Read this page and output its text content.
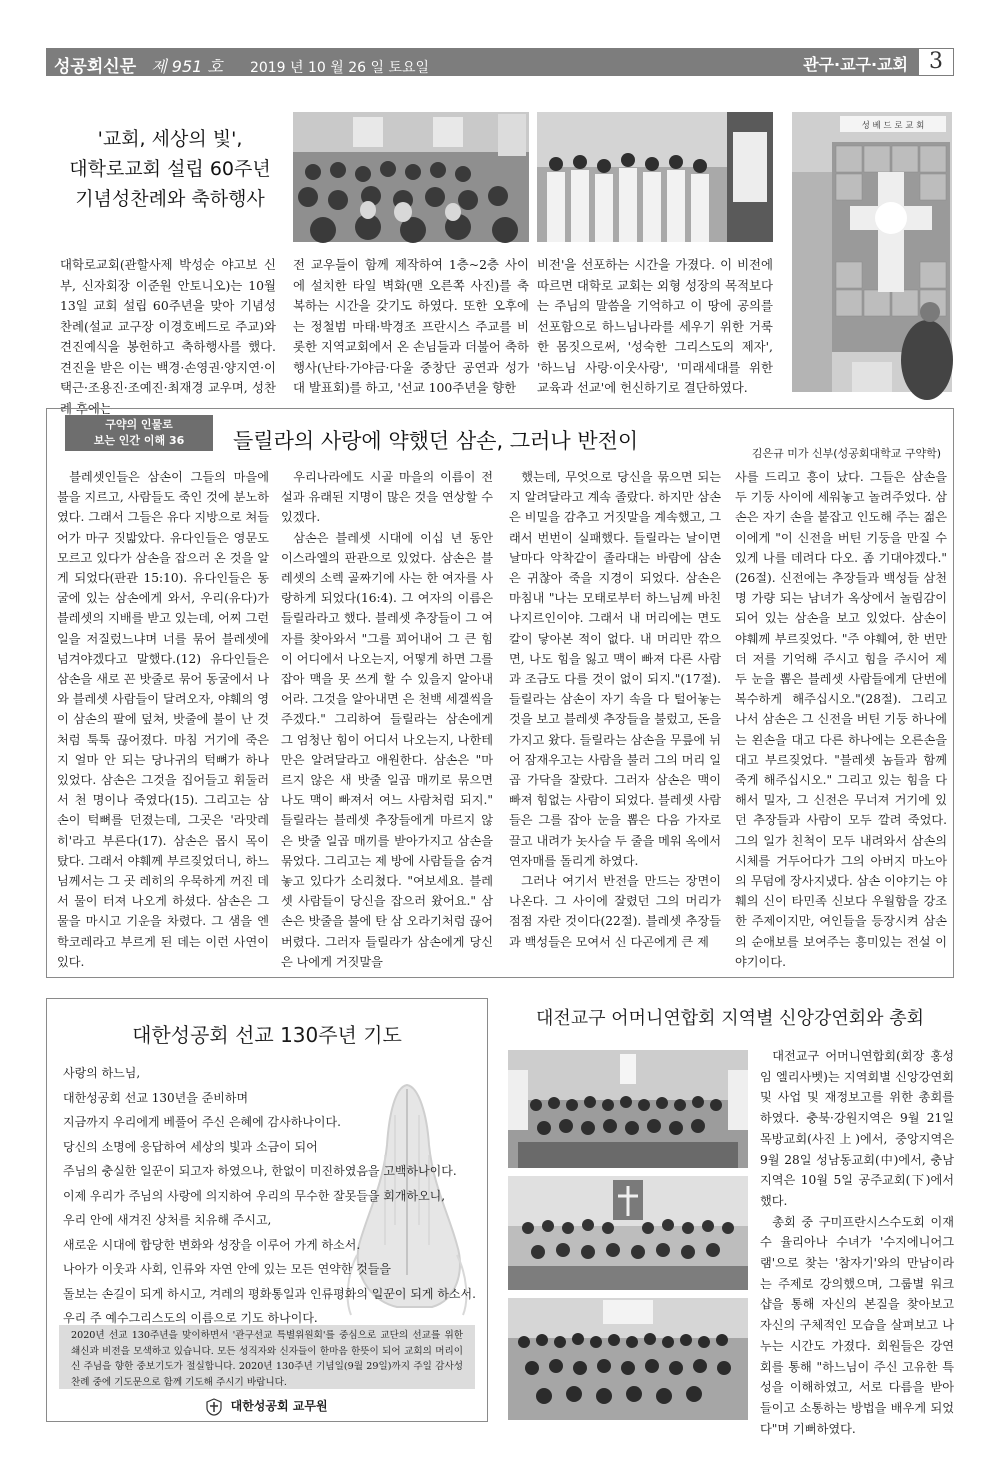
성공회신문 제 951 호 2019 년 10 월 26 일 토요일	관구·교구·교회 3
'교회, 세상의 빛',
대학로교회 설립 60주년
기념성찬례와 축하행사
성 베 드 로 교 회
대학로교회(관할사제 박성순 야고보 신부, 신자회장 이준원 안토니오)는 10월 13일 교회 설립 60주년을 맞아 기념성찬례(설교 교구장 이경호베드로 주교)와 견진예식을 봉헌하고 축하행사를 했다. 견진을 받은 이는 백경·손영권·양지연·이택근·조용진·조예진·최재경 교우며, 성찬례 후에는
전 교우들이 함께 제작하여 1층~2층 사이에 설치한 타일 벽화(맨 오른쪽 사진)를 축복하는 시간을 갖기도 하였다. 또한 오후에는 정철범 마태·박경조 프란시스 주교를 비롯한 지역교회에서 온 손님들과 더불어 축하행사(난타·가야금·다울 중창단 공연과 성가대 발표회)를 하고, '선교 100주년을 향한
비전'을 선포하는 시간을 가졌다. 이 비전에 따르면 대학로 교회는 외형 성장의 목적보다는 주님의 말씀을 기억하고 이 땅에 공의를 선포함으로 하느님나라를 세우기 위한 거룩한 몸짓으로써, '성숙한 그리스도의 제자', '하느님 사랑·이웃사랑', '미래세대를 위한 교육과 선교'에 헌신하기로 결단하였다.
구약의 인물로
보는 인간 이해 36	들릴라의 사랑에 약했던 삼손, 그러나 반전이
김은규 미가 신부(성공회대학교 구약학)

블레셋인들은 삼손이 그들의 마을에 불을 지르고, 사람들도 죽인 것에 분노하였다. 그래서 그들은 유다 지방으로 쳐들어가 마구 짓밟았다. 유다인들은 영문도 모르고 있다가 삼손을 잡으러 온 것을 알게 되었다(판관 15:10). 유다인들은 동굴에 있는 삼손에게 와서, 우리(유다)가 블레셋의 지배를 받고 있는데, 어찌 그런 일을 저질렀느냐며 너를 묶어 블레셋에 넘겨야겠다고 말했다.(12) 유다인들은 삼손을 새로 꼰 밧줄로 묶어 동굴에서 나와 블레셋 사람들이 달려오자, 야훼의 영이 삼손의 팔에 덮쳐, 밧줄에 불이 난 것처럼 툭툭 끊어졌다. 마침 거기에 죽은 지 얼마 안 되는 당나귀의 턱뼈가 하나 있었다. 삼손은 그것을 집어들고 휘둘러서 천 명이나 죽였다(15). 그리고는 삼손이 턱뼈를 던졌는데, 그곳은 '라맛레히'라고 부른다(17). 삼손은 몹시 목이 탔다. 그래서 야훼께 부르짖었더니, 하느님께서는 그 곳 레히의 우묵하게 꺼진 데서 물이 터져 나오게 하셨다. 삼손은 그 물을 마시고 기운을 차렸다. 그 샘을 엔학코레라고 부르게 된 데는 이런 사연이 있다.

우리나라에도 시골 마을의 이름이 전설과 유래된 지명이 많은 것을 연상할 수 있겠다.

삼손은 블레셋 시대에 이십 년 동안 이스라엘의 판관으로 있었다. 삼손은 블레셋의 소렉 골짜기에 사는 한 여자를 사랑하게 되었다(16:4). 그 여자의 이름은 들릴라라고 했다. 블레셋 추장들이 그 여자를 찾아와서 "그를 꾀어내어 그 큰 힘이 어디에서 나오는지, 어떻게 하면 그를 잡아 맥을 못 쓰게 할 수 있을지 알아내어라. 그것을 알아내면 은 천백 세겔씩을 주겠다." 그리하여 들릴라는 삼손에게 그 엄청난 힘이 어디서 나오는지, 나한테만은 알려달라고 애원한다. 삼손은 "마르지 않은 새 밧줄 일곱 매끼로 묶으면 나도 맥이 빠져서 여느 사람처럼 되지." 들릴라는 블레셋 추장들에게 마르지 않은 밧줄 일곱 매끼를 받아가지고 삼손을 묶었다. 그리고는 제 방에 사람들을 숨겨놓고 있다가 소리쳤다. "여보세요. 블레셋 사람들이 당신을 잡으러 왔어요." 삼손은 밧줄을 불에 탄 삼 오라기처럼 끊어버렸다. 그러자 들릴라가 삼손에게 당신은 나에게 거짓말을

했는데, 무엇으로 당신을 묶으면 되는지 알려달라고 계속 졸랐다. 하지만 삼손은 비밀을 감추고 거짓말을 계속했고, 그래서 번번이 실패했다. 들릴라는 날이면 날마다 악착같이 졸라대는 바람에 삼손은 귀찮아 죽을 지경이 되었다. 삼손은 마침내 "나는 모태로부터 하느님께 바친 나지르인이야. 그래서 내 머리에는 면도칼이 닿아본 적이 없다. 내 머리만 깎으면, 나도 힘을 잃고 맥이 빠져 다른 사람과 조금도 다를 것이 없이 되지."(17절). 들릴라는 삼손이 자기 속을 다 털어놓는 것을 보고 블레셋 추장들을 불렀고, 돈을 가지고 왔다. 들릴라는 삼손을 무릎에 뉘어 잠재우고는 사람을 불러 그의 머리 일곱 가닥을 잘랐다. 그러자 삼손은 맥이 빠져 힘없는 사람이 되었다. 블레셋 사람들은 그를 잡아 눈을 뽑은 다음 가자로 끌고 내려가 놋사슬 두 줄을 메워 옥에서 연자매를 돌리게 하였다.

그러나 여기서 반전을 만드는 장면이 나온다. 그 사이에 잘렸던 그의 머리가 점점 자란 것이다(22절). 블레셋 추장들과 백성들은 모여서 신 다곤에게 큰 제

사를 드리고 흥이 났다. 그들은 삼손을 두 기둥 사이에 세워놓고 놀려주었다. 삼손은 자기 손을 붙잡고 인도해 주는 젊은이에게 "이 신전을 버틴 기둥을 만질 수 있게 나를 데려다 다오. 좀 기대야겠다."(26절). 신전에는 추장들과 백성들 삼천 명 가량 되는 남녀가 옥상에서 놀림감이 되어 있는 삼손을 보고 있었다. 삼손이 야훼께 부르짖었다. "주 야훼여, 한 번만 더 저를 기억해 주시고 힘을 주시어 제 두 눈을 뽑은 블레셋 사람들에게 단번에 복수하게 해주십시오."(28절). 그리고 나서 삼손은 그 신전을 버틴 기둥 하나에는 왼손을 대고 다른 하나에는 오른손을 대고 부르짖었다. "블레셋 놈들과 함께 죽게 해주십시오." 그리고 있는 힘을 다해서 밀자, 그 신전은 무너져 거기에 있던 추장들과 사람이 모두 깔려 죽었다. 그의 일가 친척이 모두 내려와서 삼손의 시체를 거두어다가 그의 아버지 마노아의 무덤에 장사지냈다. 삼손 이야기는 야훼의 신이 타민족 신보다 우월함을 강조한 주제이지만, 여인들을 등장시켜 삼손의 순애보를 보여주는 흥미있는 전설 이야기이다.

대한성공회 선교 130주년 기도
사랑의 하느님,
대한성공회 선교 130년을 준비하며
지금까지 우리에게 베풀어 주신 은혜에 감사하나이다.
당신의 소명에 응답하여 세상의 빛과 소금이 되어
주님의 충실한 일꾼이 되고자 하였으나, 한없이 미진하였음을 고백하나이다.
이제 우리가 주님의 사랑에 의지하여 우리의 무수한 잘못들을 회개하오니,
우리 안에 새겨진 상처를 치유해 주시고,
새로운 시대에 합당한 변화와 성장을 이루어 가게 하소서.
나아가 이웃과 사회, 인류와 자연 안에 있는 모든 연약한 것들을
돌보는 손길이 되게 하시고, 겨레의 평화통일과 인류평화의 일꾼이 되게 하소서.
우리 주 예수그리스도의 이름으로 기도 하나이다.
2020년 선교 130주년을 맞이하면서 '관구선교 특별위원회'를 중심으로 교단의 선교를 위한 쇄신과 비전을 모색하고 있습니다. 모든 성직자와 신자들이 한마음 한뜻이 되어 교회의 머리이신 주님을 향한 중보기도가 절실합니다. 2020년 130주년 기념일(9월 29일)까지 주일 감사성찬례 중에 기도문으로 함께 기도해 주시기 바랍니다.
대한성공회 교무원
대전교구 어머니연합회 지역별 신앙강연회와 총회

대전교구 어머니연합회(회장 홍성임 엘리사벳)는 지역회별 신앙강연회 및 사업 및 재정보고를 위한 총회를 하였다. 충북·강원지역은 9월 21일 목방교회(사진上)에서, 중앙지역은 9월 28일 성남동교회(中)에서, 충남지역은 10월 5일 공주교회(下)에서 했다.

총회 중 구미프란시스수도회 이재수 율리아나 수녀가 '수지에니어그램'으로 찾는 '참자기'와의 만남이라는 주제로 강의했으며, 그룹별 워크샵을 통해 자신의 본질을 찾아보고 자신의 구체적인 모습을 살펴보고 나누는 시간도 가졌다. 회원들은 강연회를 통해 "하느님이 주신 고유한 특성을 이해하였고, 서로 다름을 받아들이고 소통하는 방법을 배우게 되었다"며 기뻐하였다.
